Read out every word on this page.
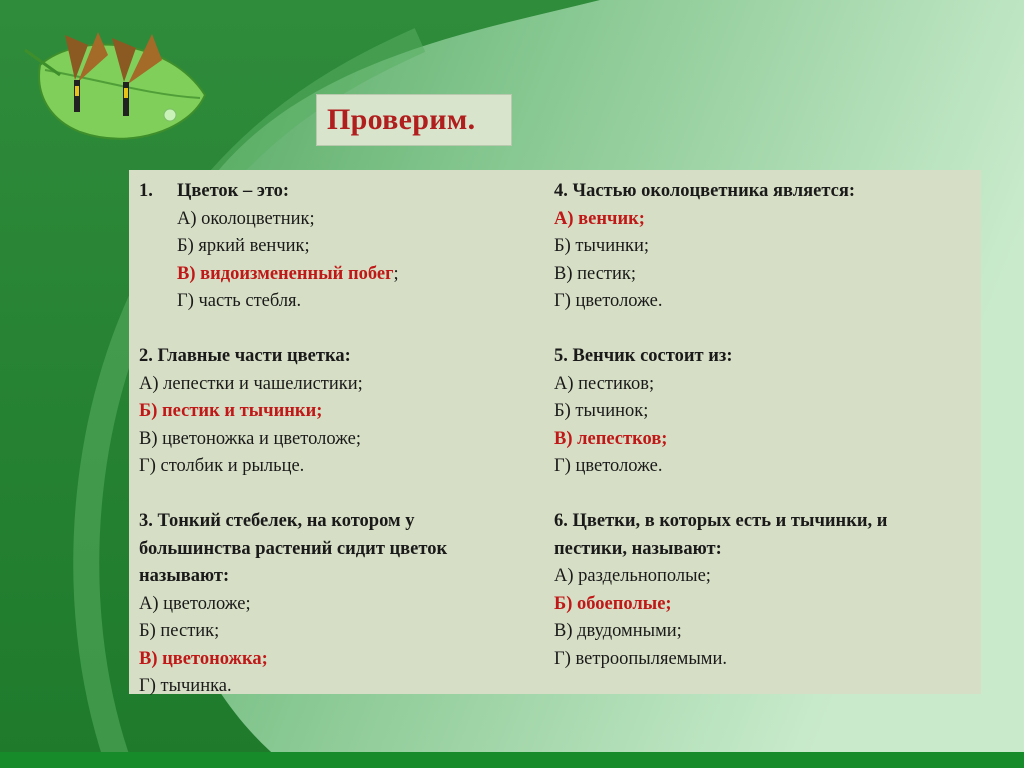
Проверим.
1.	Цветок – это:
А) околоцветник;
Б) яркий венчик;
В) видоизмененный побег;
Г) часть стебля.
2. Главные части цветка:
А) лепестки и чашелистики;
Б) пестик и тычинки;
В) цветоножка и цветоложе;
Г) столбик и рыльце.
3. Тонкий стебелек, на котором у
большинства растений сидит цветок
называют:
А) цветоложе;
Б) пестик;
В) цветоножка;
Г) тычинка.
4. Частью околоцветника является:
А) венчик;
Б) тычинки;
В) пестик;
Г) цветоложе.
5. Венчик состоит из:
А) пестиков;
Б) тычинок;
В) лепестков;
Г) цветоложе.
6. Цветки, в которых есть и тычинки, и
пестики, называют:
А) раздельнополые;
Б) обоеполые;
В) двудомными;
Г) ветроопыляемыми.
